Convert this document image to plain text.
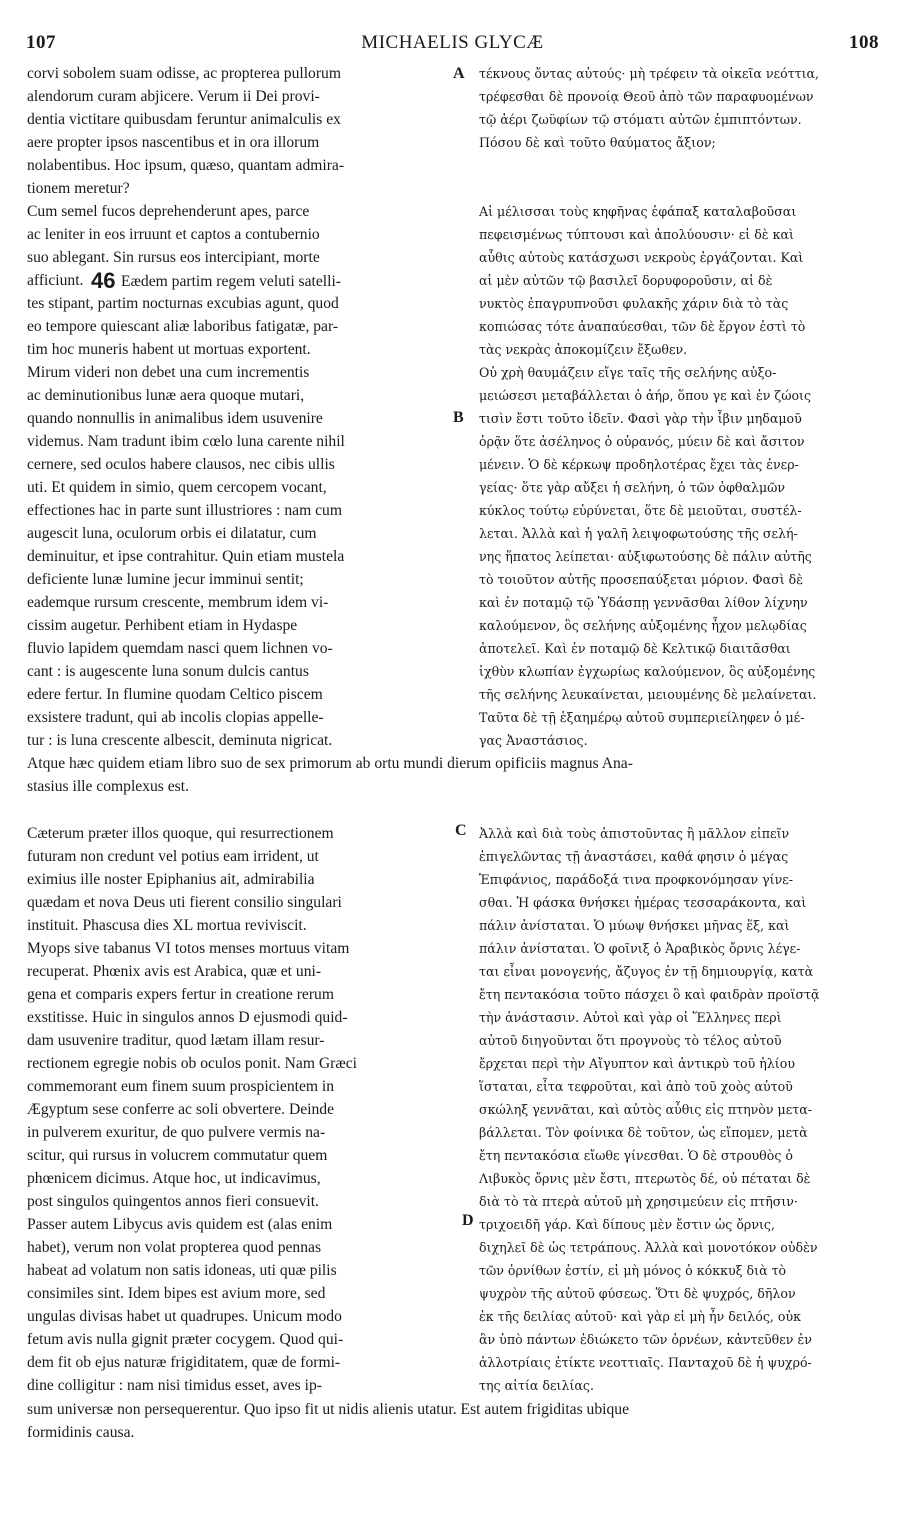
107	MICHAELIS GLYCÆ	108
corvi sobolem suam odisse, ac propterea pullorum
alendorum curam abjicere. Verum ii Dei provi-
dentia victitare quibusdam feruntur animalculis ex
aere propter ipsos nascentibus et in ora illorum
nolabentibus. Hoc ipsum, quæso, quantam admira-
tionem meretur?
Cum semel fucos deprehenderunt apes, parce
ac leniter in eos irruunt et captos a contubernio
suo ablegant. Sin rursus eos intercipiant, morte
afficiunt.
tes stipant, partim nocturnas excubias agunt, quod
eo tempore quiescant aliæ laboribus fatigatæ, par-
tim hoc muneris habent ut mortuas exportent.
Mirum videri non debet una cum incrementis
ac deminutionibus lunæ aera quoque mutari,
quando nonnullis in animalibus idem usuvenire
videmus. Nam tradunt ibim cœlo luna carente nihil
cernere, sed oculos habere clausos, nec cibis ullis
uti. Et quidem in simio, quem cercopem vocant,
effectiones hac in parte sunt illustriores : nam cum
augescit luna, oculorum orbis ei dilatatur, cum
deminuitur, et ipse contrahitur. Quin etiam mustela
deficiente lunæ lumine jecur imminui sentit;
eademque rursum crescente, membrum idem vi-
cissim augetur. Perhibent etiam in Hydaspe
fluvio lapidem quemdam nasci quem lichnen vo-
cant : is augescente luna sonum dulcis cantus
edere fertur. In flumine quodam Celtico piscem
exsistere tradunt, qui ab incolis clopias appelle-
tur : is luna crescente albescit, deminuta nigricat.
τέκνους ὄντας αὐτούς· μὴ τρέφειν τὰ οἰκεῖα νεόττια,
τρέφεσθαι δὲ προνοίᾳ Θεοῦ ἀπὸ τῶν παραφυομένων
τῷ ἀέρι ζωϋφίων τῷ στόματι αὐτῶν ἐμπιπτόντων.
Πόσου δὲ καὶ τοῦτο θαύματος ἄξιον;
Αἱ μέλισσαι τοὺς κηφῆνας ἐφάπαξ καταλαβοῦσαι
πεφεισμένως τύπτουσι καὶ ἀπολύουσιν· εἰ δὲ καὶ
αὖθις αὐτοὺς κατάσχωσι νεκροὺς ἐργάζονται. Καὶ
αἱ μὲν αὐτῶν τῷ βασιλεῖ δορυφοροῦσιν, αἱ δὲ
νυκτὸς ἐπαγρυπνοῦσι φυλακῆς χάριν διὰ τὸ τὰς
κοπιώσας τότε ἀναπαύεσθαι, τῶν δὲ ἔργον ἐστὶ τὸ
τὰς νεκρὰς ἀποκομίζειν ἔξωθεν.
Οὐ χρὴ θαυμάζειν εἴγε ταῖς τῆς σελήνης αὐξο-
μειώσεσι μεταβάλλεται ὁ ἀήρ, ὅπου γε καὶ ἐν ζώοις
τισὶν ἔστι τοῦτο ἰδεῖν. Φασὶ γὰρ τὴν ἶβιν μηδαμοῦ
ὁρᾷν ὅτε ἀσέληνος ὁ οὐρανός, μύειν δὲ καὶ ἄσιτον
μένειν. Ὁ δὲ κέρκωψ προδηλοτέρας ἔχει τὰς ἐνερ-
γείας· ὅτε γὰρ αὔξει ἡ σελήνη, ὁ τῶν ὀφθαλμῶν
κύκλος τούτῳ εὐρύνεται, ὅτε δὲ μειοῦται, συστέλ-
λεται. Ἀλλὰ καὶ ἡ γαλῆ λειψοφωτούσης τῆς σελή-
νης ἥπατος λείπεται· αὐξιφωτούσης δὲ πάλιν αὐτῆς
τὸ τοιοῦτον αὐτῆς προσεπαύξεται μόριον. Φασὶ δὲ
καὶ ἐν ποταμῷ τῷ Ὑδάσπῃ γεννᾶσθαι λίθον λίχνην
καλούμενον, ὃς σελήνης αὐξομένης ἦχον μελῳδίας
ἀποτελεῖ. Καὶ ἐν ποταμῷ δὲ Κελτικῷ διαιτᾶσθαι
ἰχθὺν κλωπίαν ἐγχωρίως καλούμενον, ὃς αὐξομένης
τῆς σελήνης λευκαίνεται, μειουμένης δὲ μελαίνεται.
Ταῦτα δὲ τῇ ἑξαημέρῳ αὐτοῦ συμπεριείληφεν ὁ μέ-
γας Ἀναστάσιος.
46 Eædem partim regem veluti satelli-
A
B
C
D
Atque hæc quidem etiam libro suo de sex primorum ab ortu mundi dierum opificiis magnus Ana-
stasius ille complexus est.
Cæterum præter illos quoque, qui resurrectionem
futuram non credunt vel potius eam irrident, ut
eximius ille noster Epiphanius ait, admirabilia
quædam et nova Deus uti fierent consilio singulari
instituit. Phascusa dies XL mortua reviviscit.
Myops sive tabanus VI totos menses mortuus vitam
recuperat. Phœnix avis est Arabica, quæ et uni-
gena et comparis expers fertur in creatione rerum
exstitisse. Huic in singulos annos D ejusmodi quid-
dam usuvenire traditur, quod lætam illam resur-
rectionem egregie nobis ob oculos ponit. Nam Græci
commemorant eum finem suum prospicientem in
Ægyptum sese conferre ac soli obvertere. Deinde
in pulverem exuritur, de quo pulvere vermis na-
scitur, qui rursus in volucrem commutatur quem
phœnicem dicimus. Atque hoc, ut indicavimus,
post singulos quingentos annos fieri consuevit.
Passer autem Libycus avis quidem est (alas enim
habet), verum non volat propterea quod pennas
habeat ad volatum non satis idoneas, uti quæ pilis
consimiles sint. Idem bipes est avium more, sed
ungulas divisas habet ut quadrupes. Unicum modo
fetum avis nulla gignit præter cocygem. Quod qui-
dem fit ob ejus naturæ frigiditatem, quæ de formi-
dine colligitur : nam nisi timidus esset, aves ip-
Ἀλλὰ καὶ διὰ τοὺς ἀπιστοῦντας ἢ μᾶλλον εἰπεῖν
ἐπιγελῶντας τῇ ἀναστάσει, καθά φησιν ὁ μέγας
Ἐπιφάνιος, παράδοξά τινα προφκονόμησαν γίνε-
σθαι. Ἡ φάσκα θνήσκει ἡμέρας τεσσαράκοντα, καὶ
πάλιν ἀνίσταται. Ὁ μύωψ θνήσκει μῆνας ἕξ, καὶ
πάλιν ἀνίσταται. Ὁ φοῖνιξ ὁ Ἀραβικὸς ὄρνις λέγε-
ται εἶναι μονογενής, ἄζυγος ἐν τῇ δημιουργίᾳ, κατὰ
ἔτη πεντακόσια τοῦτο πάσχει ὃ καὶ φαιδρὰν προϊστᾷ
τὴν ἀνάστασιν. Αὐτοὶ καὶ γὰρ οἱ Ἕλληνες περὶ
αὐτοῦ διηγοῦνται ὅτι προγνοὺς τὸ τέλος αὐτοῦ
ἔρχεται περὶ τὴν Αἴγυπτον καὶ ἀντικρὺ τοῦ ἡλίου
ἵσταται, εἶτα τεφροῦται, καὶ ἀπὸ τοῦ χοὸς αὐτοῦ
σκώληξ γεννᾶται, καὶ αὐτὸς αὖθις εἰς πτηνὸν μετα-
βάλλεται. Τὸν φοίνικα δὲ τοῦτον, ὡς εἴπομεν, μετὰ
ἔτη πεντακόσια εἴωθε γίνεσθαι. Ὁ δὲ στρουθὸς ὁ
Λιβυκὸς ὄρνις μὲν ἔστι, πτερωτὸς δέ, οὐ πέταται δὲ
διὰ τὸ τὰ πτερὰ αὐτοῦ μὴ χρησιμεύειν εἰς πτῆσιν·
τριχοειδῆ γάρ. Καὶ δίπους μὲν ἔστιν ὡς ὄρνις,
διχηλεῖ δὲ ὡς τετράπους. Ἀλλὰ καὶ μονοτόκον οὐδὲν
τῶν ὀρνίθων ἐστίν, εἰ μὴ μόνος ὁ κόκκυξ διὰ τὸ
ψυχρὸν τῆς αὐτοῦ φύσεως. Ὅτι δὲ ψυχρός, δῆλον
ἐκ τῆς δειλίας αὐτοῦ· καὶ γὰρ εἰ μὴ ἦν δειλός, οὐκ
ἂν ὑπὸ πάντων ἐδιώκετο τῶν ὀρνέων, κἀντεῦθεν ἐν
ἀλλοτρίαις ἐτίκτε νεοττιαῖς. Πανταχοῦ δὲ ἡ ψυχρό-
της αἰτία δειλίας.
sum universæ non persequerentur. Quo ipso fit ut nidis alienis utatur. Est autem frigiditas ubique
formidinis causa.
